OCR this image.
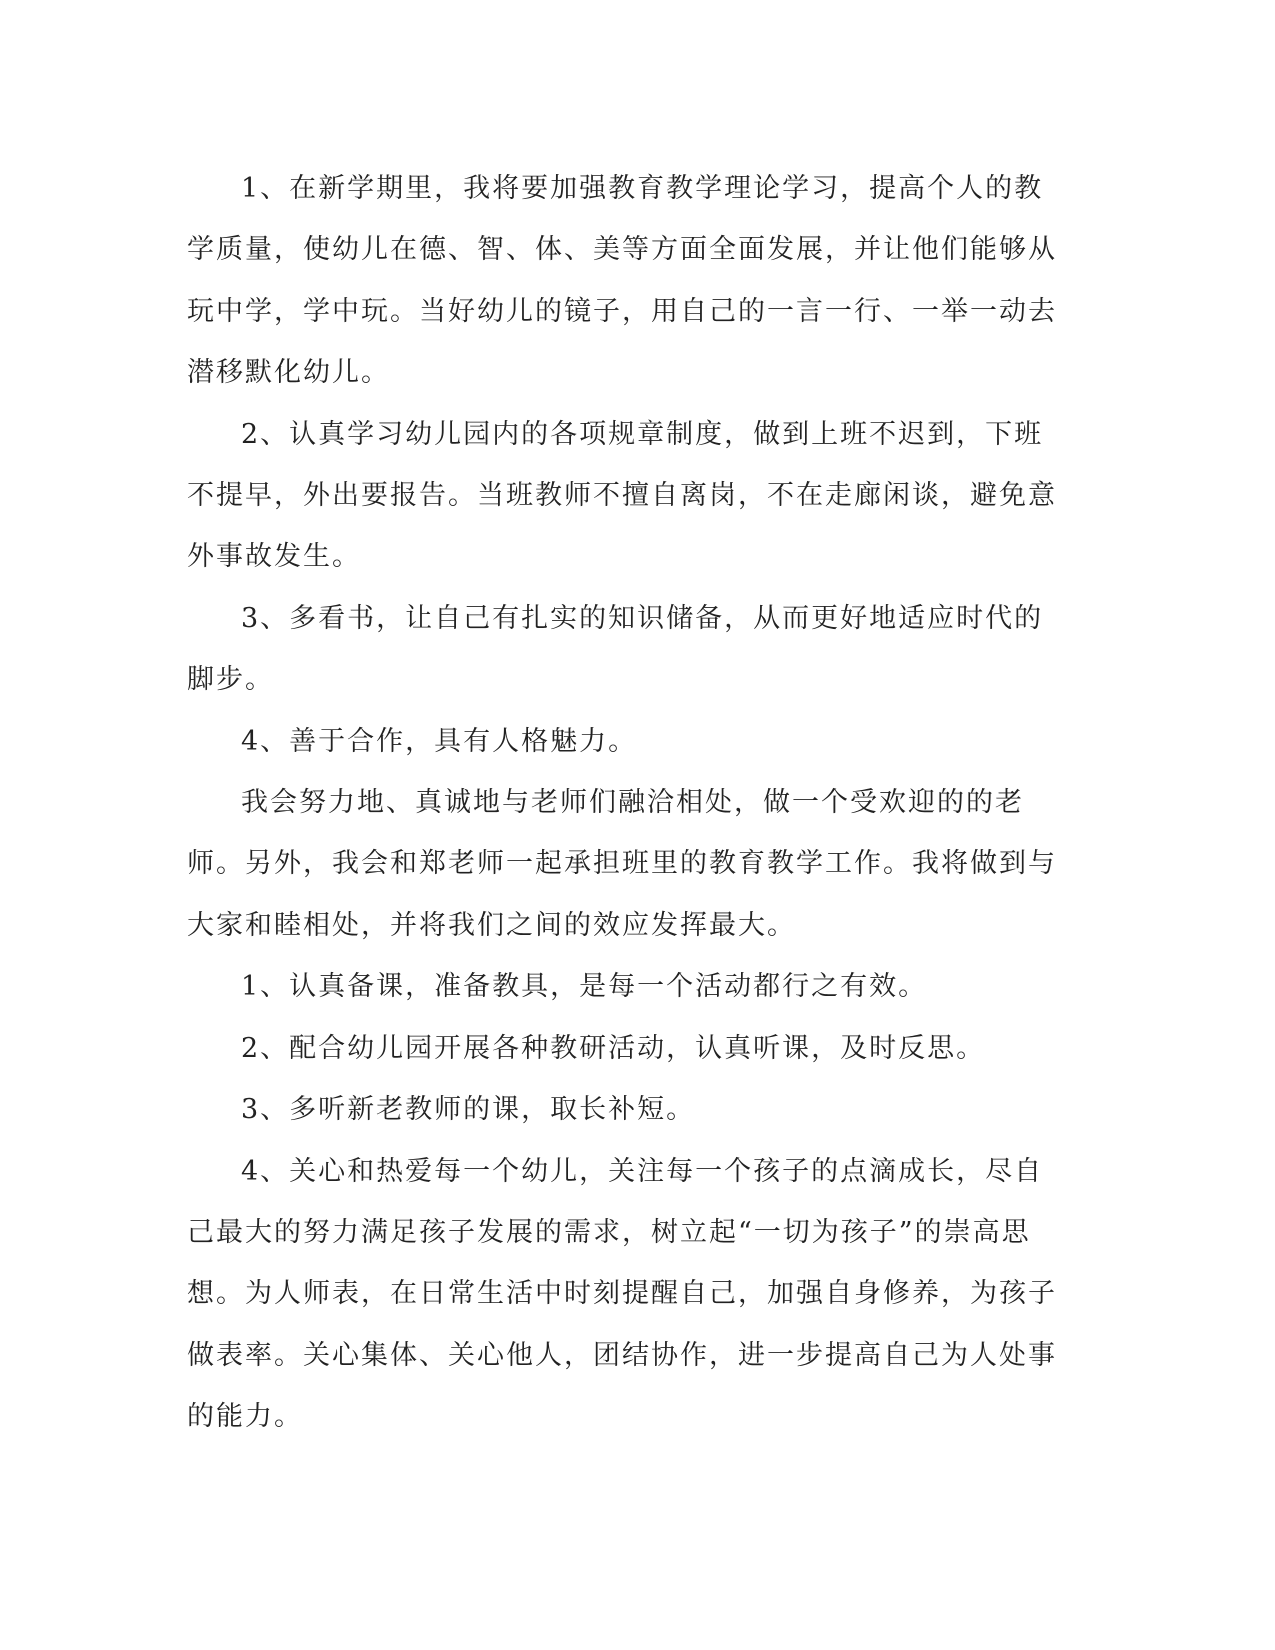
1、在新学期里，我将要加强教育教学理论学习，提高个人的教学质量，使幼儿在德、智、体、美等方面全面发展，并让他们能够从玩中学，学中玩。当好幼儿的镜子，用自己的一言一行、一举一动去潜移默化幼儿。

2、认真学习幼儿园内的各项规章制度，做到上班不迟到，下班不提早，外出要报告。当班教师不擅自离岗，不在走廊闲谈，避免意外事故发生。

3、多看书，让自己有扎实的知识储备，从而更好地适应时代的脚步。

4、善于合作，具有人格魅力。

我会努力地、真诚地与老师们融洽相处，做一个受欢迎的的老师。另外，我会和郑老师一起承担班里的教育教学工作。我将做到与大家和睦相处，并将我们之间的效应发挥最大。

1、认真备课，准备教具，是每一个活动都行之有效。

2、配合幼儿园开展各种教研活动，认真听课，及时反思。

3、多听新老教师的课，取长补短。

4、关心和热爱每一个幼儿，关注每一个孩子的点滴成长，尽自己最大的努力满足孩子发展的需求，树立起“一切为孩子”的崇高思想。为人师表，在日常生活中时刻提醒自己，加强自身修养，为孩子做表率。关心集体、关心他人，团结协作，进一步提高自己为人处事的能力。
